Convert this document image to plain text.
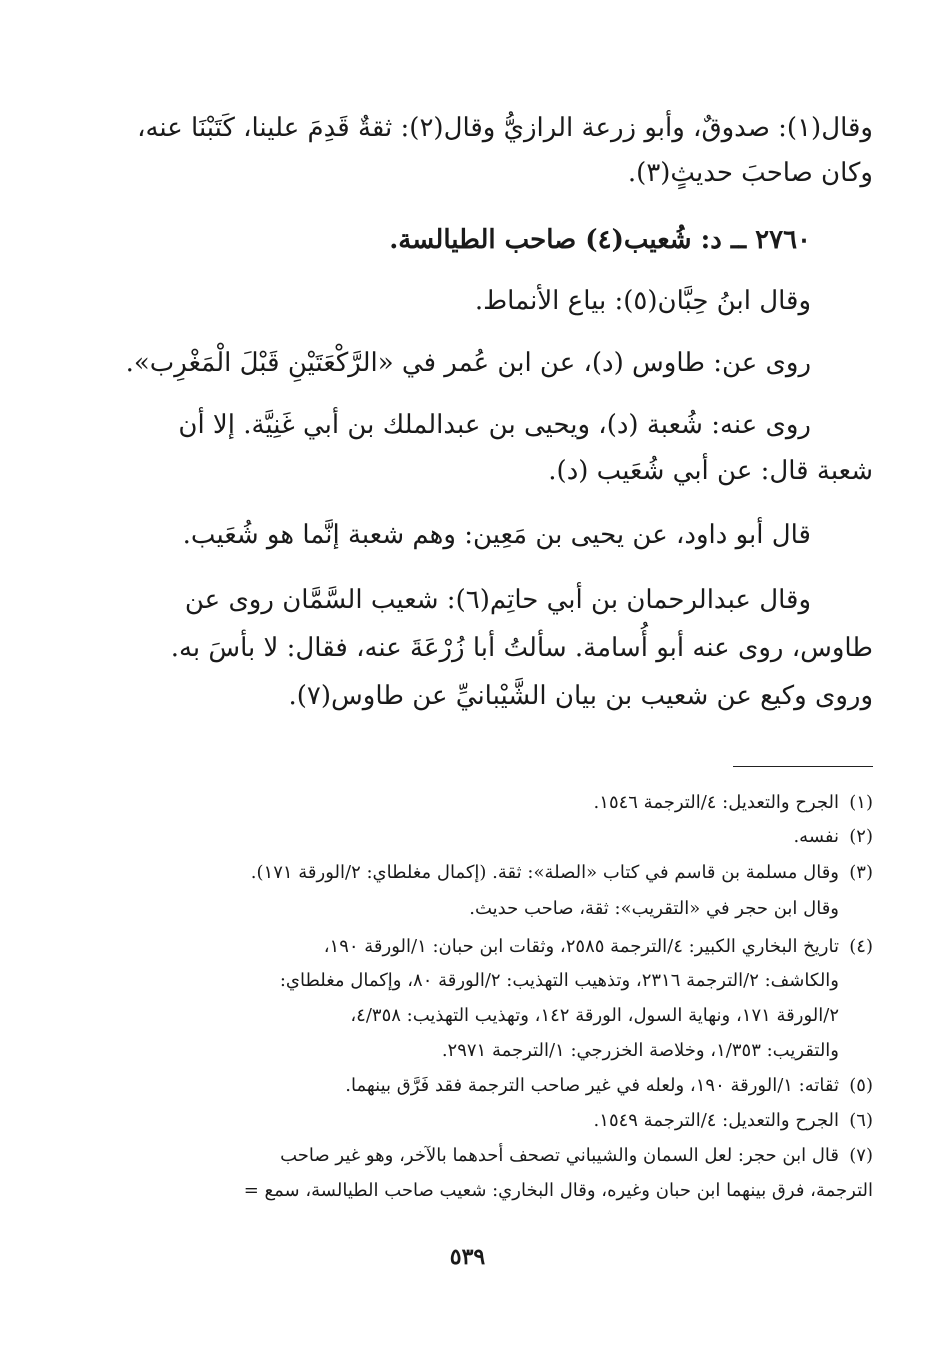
وقال(١): صدوقٌ، وأبو زرعة الرازيُّ وقال(٢): ثقةٌ قَدِمَ علينا، كَتَبْنَا عنه،

وكان صاحبَ حديثٍ(٣).

٢٧٦٠ ــ د: شُعيب(٤) صاحب الطيالسة.

وقال ابنُ حِبَّان(٥): بياع الأنماط.

روى عن: طاوس (د)، عن ابن عُمر في «الرَّكْعَتَيْنِ قَبْلَ الْمَغْرِب».

روى عنه: شُعبة (د)، ويحيى بن عبدالملك بن أبي غَنِيَّة. إلا أن

شعبة قال: عن أبي شُعَيب (د).

قال أبو داود، عن يحيى بن مَعِين: وهم شعبة إنَّما هو شُعَيب.

وقال عبدالرحمان بن أبي حاتِم(٦): شعيب السَّمَّان روى عن

طاوس، روى عنه أبو أُسامة. سألتُ أبا زُرْعَةَ عنه، فقال: لا بأسَ به.

وروى وكيع عن شعيب بن بيان الشَّيْبانيِّ عن طاوس(٧).

(١)الجرح والتعديل: ٤/الترجمة ١٥٤٦.

(٢)نفسه.

(٣)وقال مسلمة بن قاسم في كتاب «الصلة»: ثقة. (إكمال مغلطاي: ٢/الورقة ١٧١).

وقال ابن حجر في «التقريب»: ثقة، صاحب حديث.

(٤)تاريخ البخاري الكبير: ٤/الترجمة ٢٥٨٥، وثقات ابن حبان: ١/الورقة ١٩٠،

والكاشف: ٢/الترجمة ٢٣١٦، وتذهيب التهذيب: ٢/الورقة ٨٠، وإكمال مغلطاي:

٢/الورقة ١٧١، ونهاية السول، الورقة ١٤٢، وتهذيب التهذيب: ٤/٣٥٨،

والتقريب: ١/٣٥٣، وخلاصة الخزرجي: ١/الترجمة ٢٩٧١.

(٥)ثقاته: ١/الورقة ١٩٠، ولعله في غير صاحب الترجمة فقد فَرَّق بينهما.

(٦)الجرح والتعديل: ٤/الترجمة ١٥٤٩.

(٧)قال ابن حجر: لعل السمان والشيباني تصحف أحدهما بالآخر، وهو غير صاحب

الترجمة، فرق بينهما ابن حبان وغيره، وقال البخاري: شعيب صاحب الطيالسة، سمع =

٥٣٩
